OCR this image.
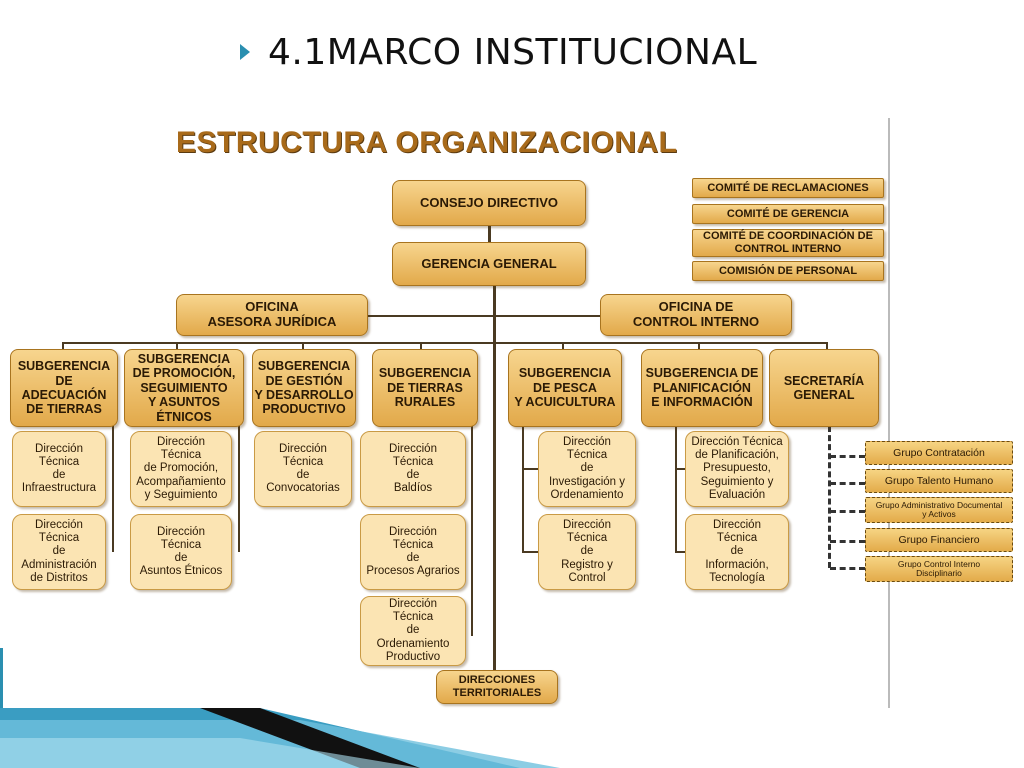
4.1MARCO INSTITUCIONAL
ESTRUCTURA ORGANIZACIONAL
CONSEJO DIRECTIVO
GERENCIA GENERAL
COMITÉ DE RECLAMACIONES
COMITÉ DE GERENCIA
COMITÉ DE COORDINACIÓN DE
CONTROL INTERNO
COMISIÓN DE PERSONAL
OFICINA
ASESORA JURÍDICA
OFICINA DE
CONTROL INTERNO
SUBGERENCIA
DE
ADECUACIÓN
DE TIERRAS
SUBGERENCIA
DE PROMOCIÓN,
SEGUIMIENTO
Y ASUNTOS
ÉTNICOS
SUBGERENCIA
DE GESTIÓN
Y DESARROLLO
PRODUCTIVO
SUBGERENCIA
DE TIERRAS
RURALES
SUBGERENCIA
DE PESCA
Y ACUICULTURA
SUBGERENCIA DE
PLANIFICACIÓN
E INFORMACIÓN
SECRETARÍA
GENERAL
Dirección
Técnica
de
Infraestructura
Dirección
Técnica
de
Administración
de Distritos
Dirección
Técnica
de Promoción,
Acompañamiento
y Seguimiento
Dirección
Técnica
de
Asuntos Étnicos
Dirección
Técnica
de
Convocatorias
Dirección
Técnica
de
Baldíos
Dirección
Técnica
de
Procesos Agrarios
Dirección
Técnica
de
Ordenamiento
Productivo
Dirección
Técnica
de
Investigación y
Ordenamiento
Dirección
Técnica
de
Registro y
Control
Dirección Técnica
de Planificación,
Presupuesto,
Seguimiento y
Evaluación
Dirección
Técnica
de
Información,
Tecnología
DIRECCIONES
TERRITORIALES
Grupo Contratación
Grupo Talento Humano
Grupo Administrativo Documental
y Activos
Grupo Financiero
Grupo Control Interno
Disciplinario
